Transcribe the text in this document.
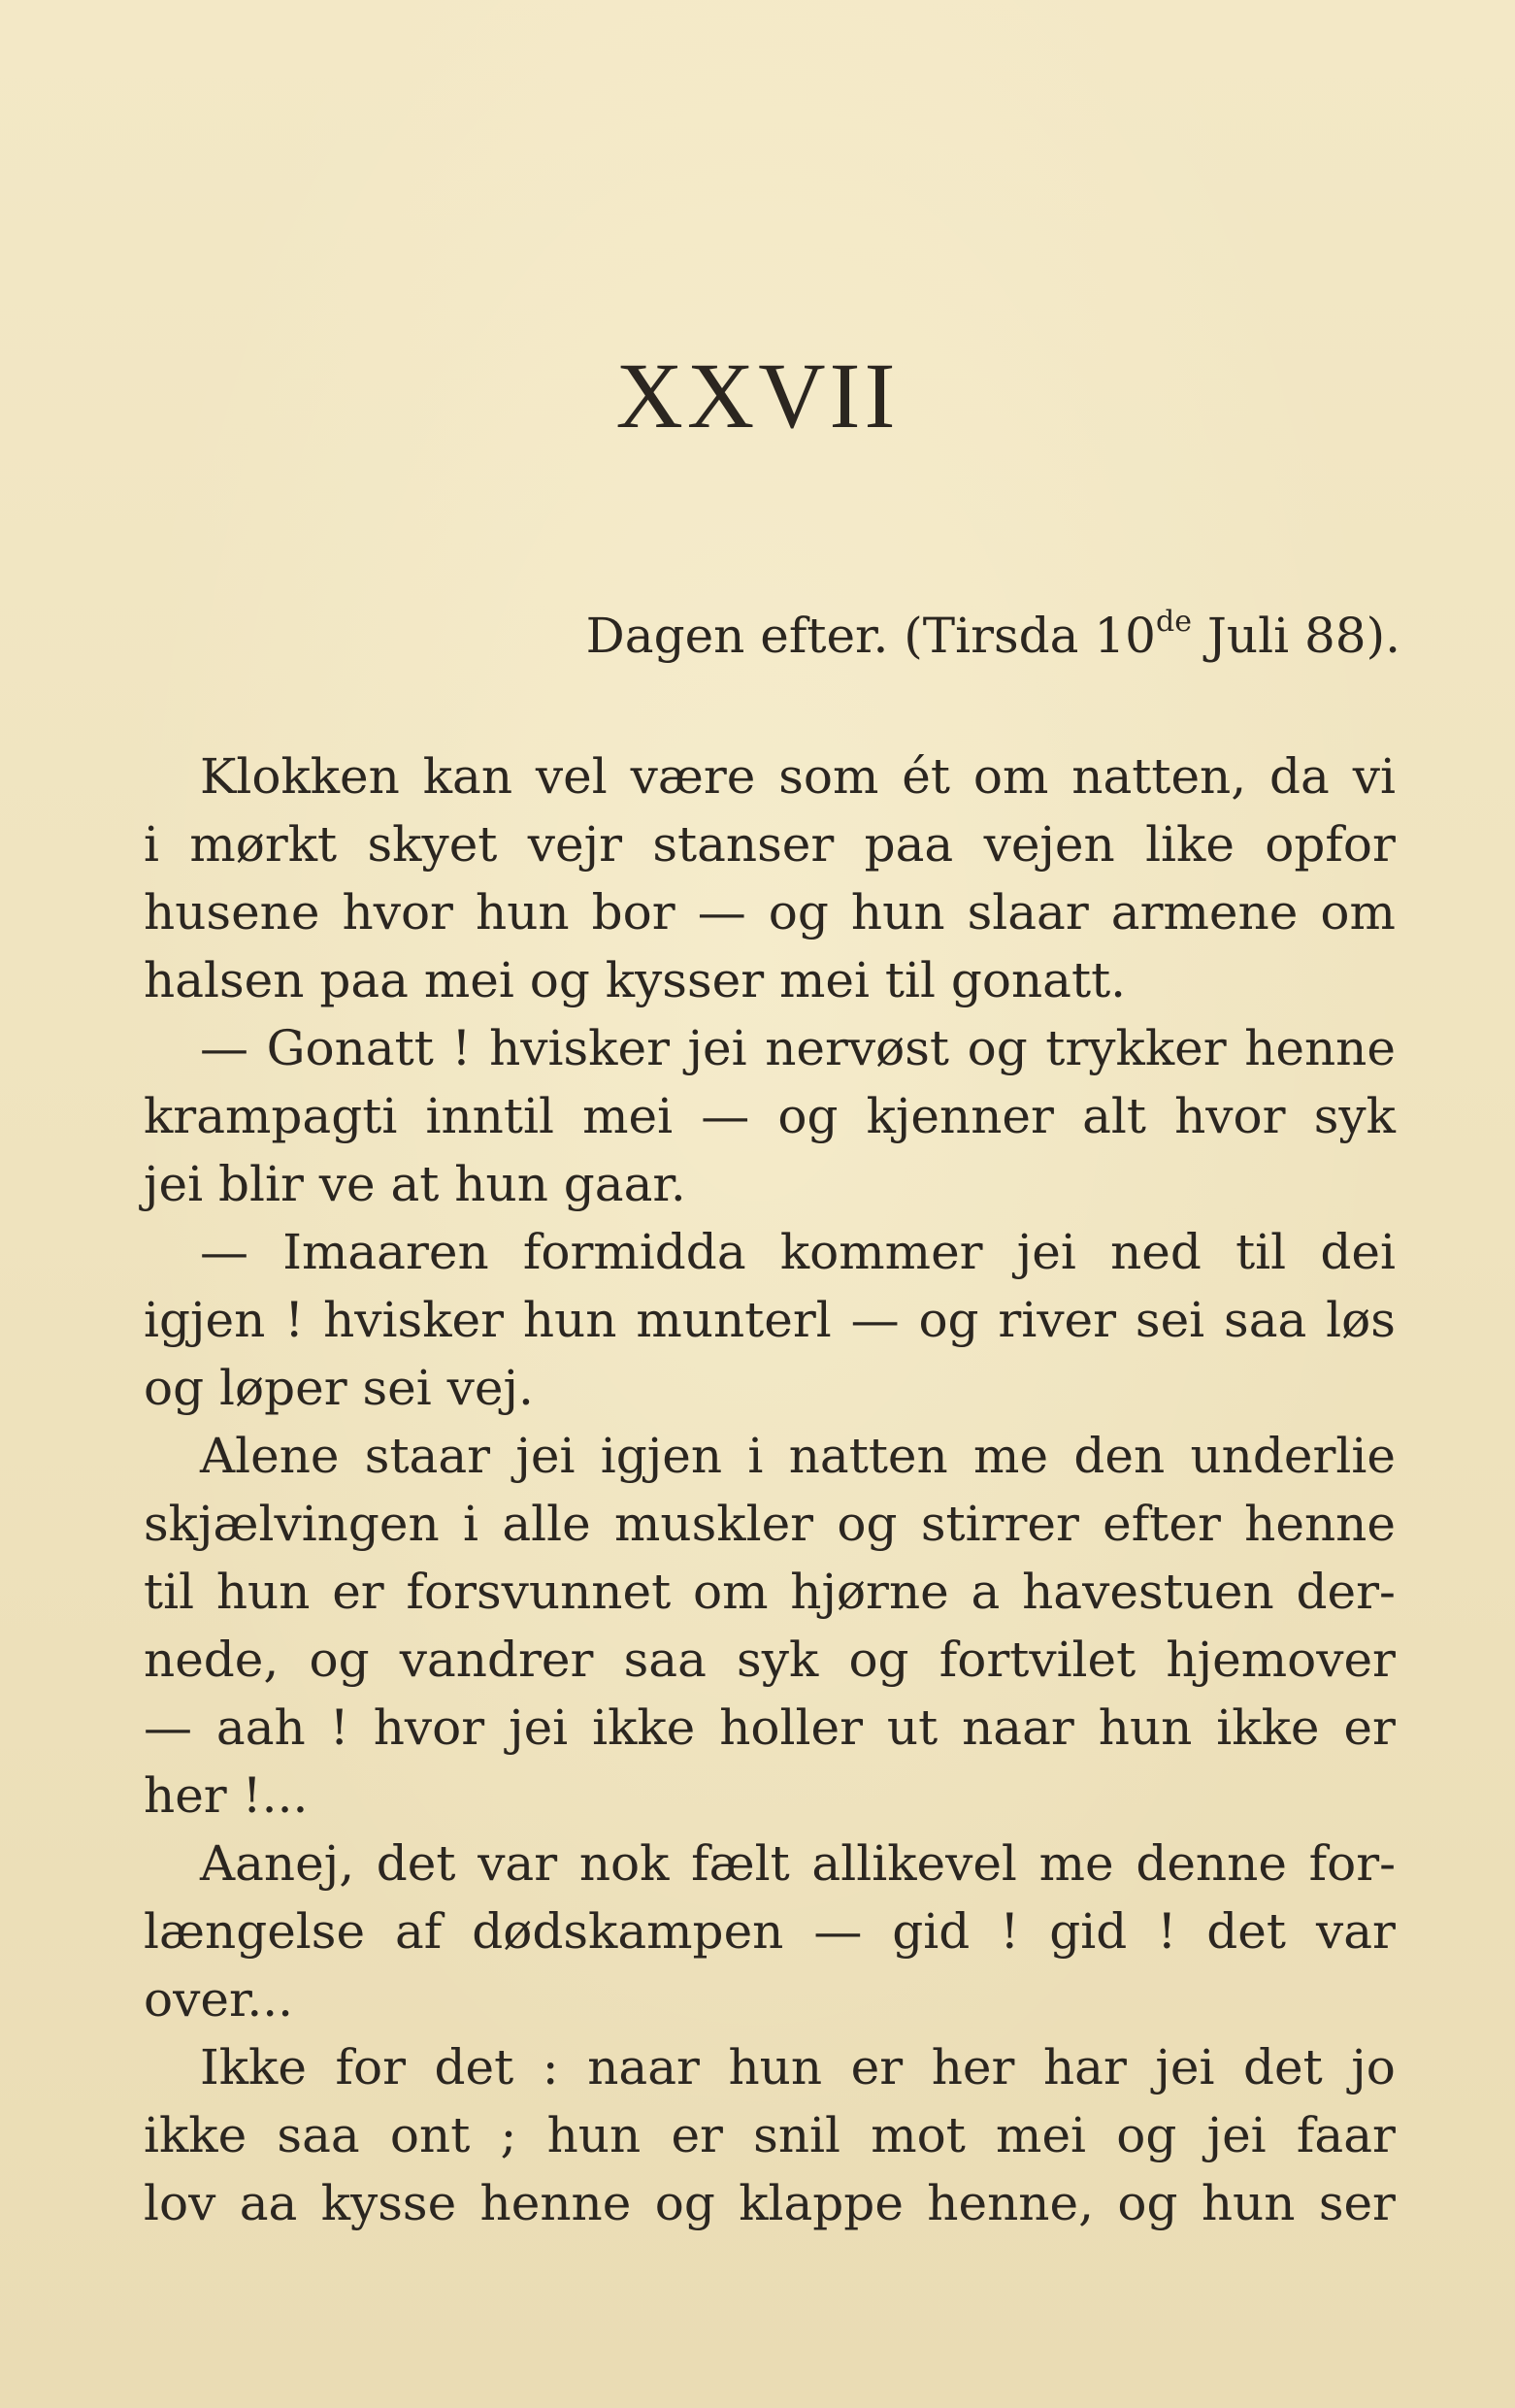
XXVII
Dagen efter. (Tirsda 10de Juli 88).
Klokken kan vel være som ét om natten, da vi
i mørkt skyet vejr stanser paa vejen like opfor
husene hvor hun bor — og hun slaar armene om
halsen paa mei og kysser mei til gonatt.
— Gonatt ! hvisker jei nervøst og trykker henne
krampagti inntil mei — og kjenner alt hvor syk
jei blir ve at hun gaar.
— Imaaren formidda kommer jei ned til dei
igjen ! hvisker hun munterl — og river sei saa løs
og løper sei vej.
Alene staar jei igjen i natten me den underlie
skjælvingen i alle muskler og stirrer efter henne
til hun er forsvunnet om hjørne a havestuen der-
nede, og vandrer saa syk og fortvilet hjemover
— aah ! hvor jei ikke holler ut naar hun ikke er
her !...
Aanej, det var nok fælt allikevel me denne for-
længelse af dødskampen — gid ! gid ! det var
over...
Ikke for det : naar hun er her har jei det jo
ikke saa ont ; hun er snil mot mei og jei faar
lov aa kysse henne og klappe henne, og hun ser
